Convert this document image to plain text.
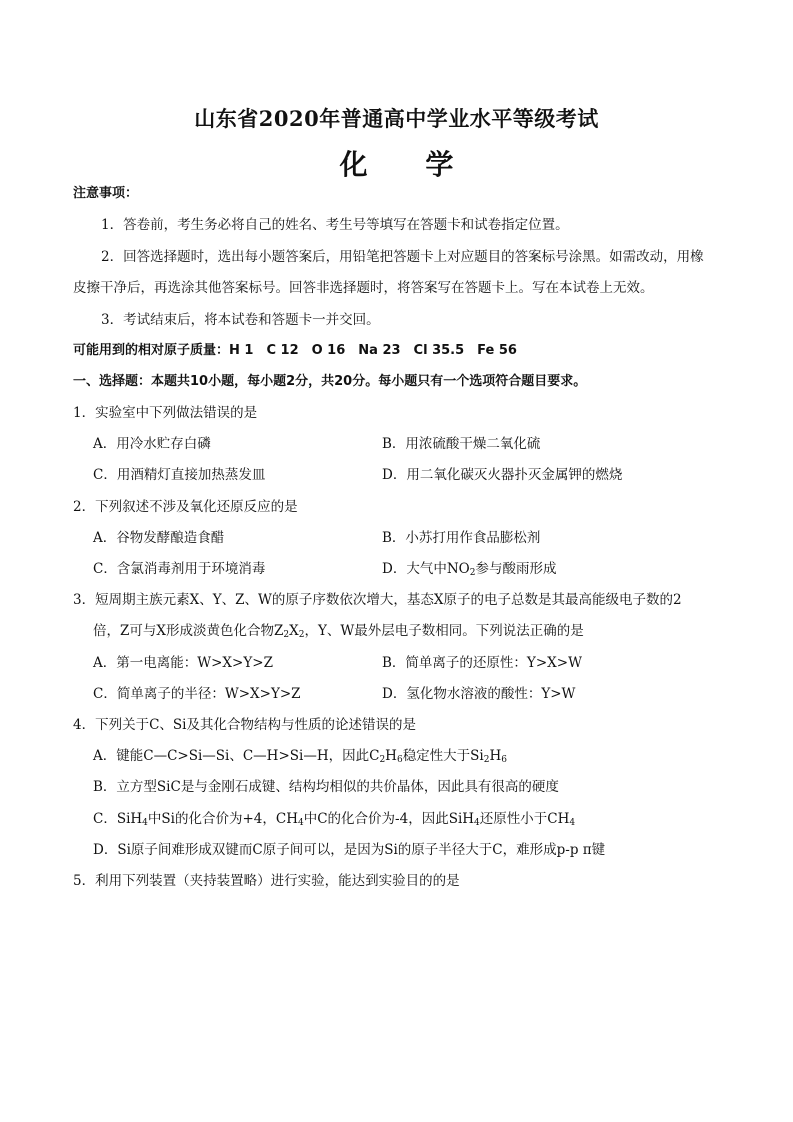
山东省2020年普通高中学业水平等级考试
化 学
注意事项：
1．答卷前，考生务必将自己的姓名、考生号等填写在答题卡和试卷指定位置。
2．回答选择题时，选出每小题答案后，用铅笔把答题卡上对应题目的答案标号涂黑。如需改动，用橡
皮擦干净后，再选涂其他答案标号。回答非选择题时，将答案写在答题卡上。写在本试卷上无效。
3．考试结束后，将本试卷和答题卡一并交回。
可能用到的相对原子质量：H 1　C 12　O 16　Na 23　Cl 35.5　Fe 56
一、选择题：本题共10小题，每小题2分，共20分。每小题只有一个选项符合题目要求。
1．实验室中下列做法错误的是
A．用冷水贮存白磷	B．用浓硫酸干燥二氧化硫
C．用酒精灯直接加热蒸发皿	D．用二氧化碳灭火器扑灭金属钾的燃烧
2．下列叙述不涉及氧化还原反应的是
A．谷物发酵酿造食醋	B．小苏打用作食品膨松剂
C．含氯消毒剂用于环境消毒	D．大气中$NO_2$参与酸雨形成
3．短周期主族元素X、Y、Z、W的原子序数依次增大，基态X原子的电子总数是其最高能级电子数的2
倍，Z可与X形成淡黄色化合物$Z_2X_2$，Y、W最外层电子数相同。下列说法正确的是
A．第一电离能：W>X>Y>Z	B．简单离子的还原性：Y>X>W
C．简单离子的半径：W>X>Y>Z	D．氢化物水溶液的酸性：Y>W
4．下列关于C、Si及其化合物结构与性质的论述错误的是
A．键能C—C>Si—Si、C—H>Si—H，因此$C_2H_6$稳定性大于$Si_2H_6$
B．立方型SiC是与金刚石成键、结构均相似的共价晶体，因此具有很高的硬度
C．SiH$_4$中Si的化合价为+4，$CH_4$中C的化合价为-4，因此SiH$_4$还原性小于$CH_4$
D．Si原子间难形成双键而C原子间可以，是因为Si的原子半径大于C，难形成p-p π键
5．利用下列装置（夹持装置略）进行实验，能达到实验目的的是
